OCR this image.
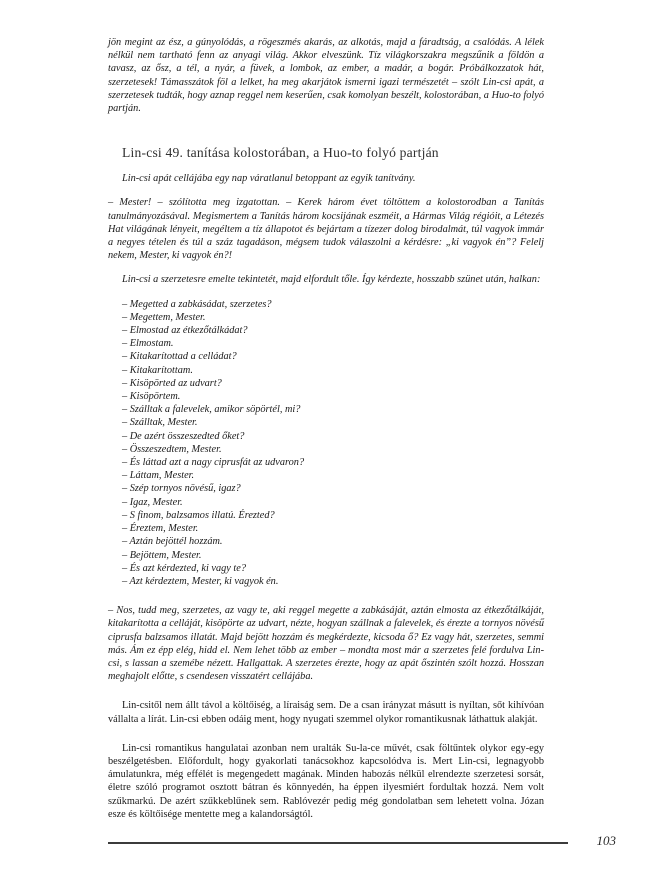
jön megint az ész, a gúnyolódás, a rögeszmés akarás, az alkotás, majd a fáradtság, a csalódás. A lélek nélkül nem tartható fenn az anyagi világ. Akkor elveszünk. Tíz világkorszakra megszűnik a földön a tavasz, az ősz, a tél, a nyár, a füvek, a lombok, az ember, a madár, a bogár. Próbálkozzatok hát, szerzetesek! Támasszátok föl a lelket, ha meg akarjátok ismerni igazi természetét – szólt Lin-csi apát, a szerzetesek tudták, hogy aznap reggel nem keserűen, csak komolyan beszélt, kolostorában, a Huo-to folyó partján.

Lin-csi 49. tanítása kolostorában, a Huo-to folyó partján

Lin-csi apát cellájába egy nap váratlanul betoppant az egyik tanítvány.

– Mester! – szólította meg izgatottan. – Kerek három évet töltöttem a kolostorodban a Tanítás tanulmányozásával. Megismertem a Tanítás három kocsijának eszméit, a Hármas Világ régióit, a Létezés Hat világának lényeit, megéltem a tíz állapotot és bejártam a tízezer dolog birodalmát, túl vagyok immár a negyes tételen és túl a száz tagadáson, mégsem tudok válaszolni a kérdésre: „ki vagyok én”? Felelj nekem, Mester, ki vagyok én?!

Lin-csi a szerzetesre emelte tekintetét, majd elfordult tőle. Így kérdezte, hosszabb szünet után, halkan:

– Megetted a zabkásádat, szerzetes?
– Megettem, Mester.
– Elmostad az étkezőtálkádat?
– Elmostam.
– Kitakarítottad a celládat?
– Kitakarítottam.
– Kisöpörted az udvart?
– Kisöpörtem.
– Szálltak a falevelek, amikor söpörtél, mi?
– Szálltak, Mester.
– De azért összeszedted őket?
– Összeszedtem, Mester.
– És láttad azt a nagy ciprusfát az udvaron?
– Láttam, Mester.
– Szép tornyos növésű, igaz?
– Igaz, Mester.
– S finom, balzsamos illatú. Érezted?
– Éreztem, Mester.
– Aztán bejöttél hozzám.
– Bejöttem, Mester.
– És azt kérdezted, ki vagy te?
– Azt kérdeztem, Mester, ki vagyok én.

– Nos, tudd meg, szerzetes, az vagy te, aki reggel megette a zabkásáját, aztán elmosta az étkezőtálkáját, kitakarította a celláját, kisöpörte az udvart, nézte, hogyan szállnak a falevelek, és érezte a tornyos növésű ciprusfa balzsamos illatát. Majd bejött hozzám és megkérdezte, kicsoda ő? Ez vagy hát, szerzetes, semmi más. Ám ez épp elég, hidd el. Nem lehet több az ember – mondta most már a szerzetes felé fordulva Lin-csi, s lassan a szemébe nézett. Hallgattak. A szerzetes érezte, hogy az apát őszintén szólt hozzá. Hosszan meghajolt előtte, s csendesen visszatért cellájába.

Lin-csitől nem állt távol a költőiség, a líraiság sem. De a csan irányzat másutt is nyíltan, sőt kihívóan vállalta a lírát. Lin-csi ebben odáig ment, hogy nyugati szemmel olykor romantikusnak láthattuk alakját.

Lin-csi romantikus hangulatai azonban nem uralták Su-la-ce művét, csak föltűntek olykor egy-egy beszélgetésben. Előfordult, hogy gyakorlati tanácsokhoz kapcsolódva is. Mert Lin-csi, legnagyobb ámulatunkra, még effélét is megengedett magának. Minden habozás nélkül elrendezte szerzetesi sorsát, életre szóló programot osztott bátran és könnyedén, ha éppen ilyesmiért fordultak hozzá. Nem volt szűkmarkú. De azért szűkkeblűnek sem. Rablóvezér pedig még gondolatban sem lehetett volna. Józan esze és költőisége mentette meg a kalandorságtól.

103
